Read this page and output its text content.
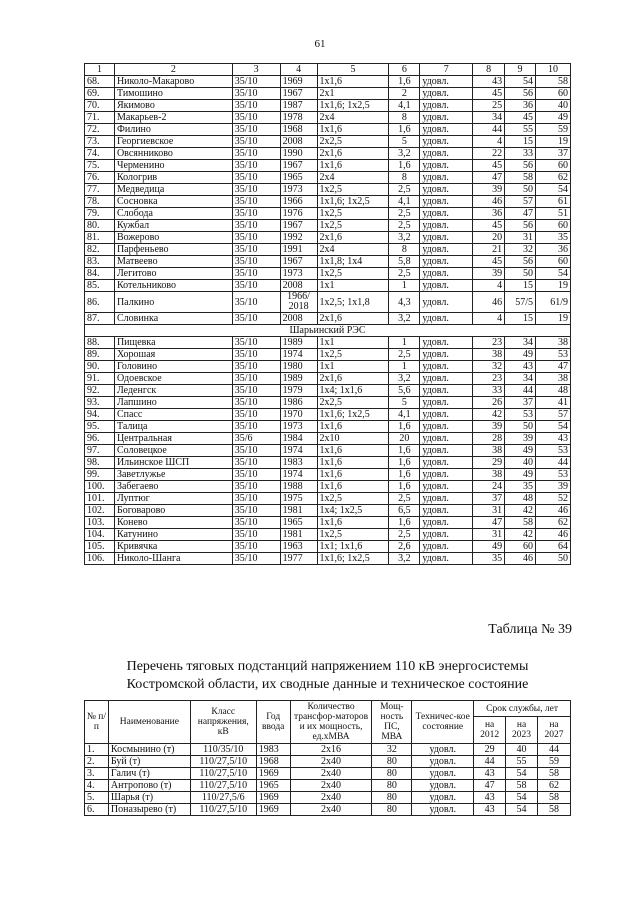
61
1	2	3	4	5	6	7	8	9	10
68.	Николо-Макарово	35/10	1969	1x1,6	1,6	удовл.	43	54	58
69.	Тимошино	35/10	1967	2x1	2	удовл.	45	56	60
70.	Якимово	35/10	1987	1x1,6; 1x2,5	4,1	удовл.	25	36	40
71.	Макарьев-2	35/10	1978	2x4	8	удовл.	34	45	49
72.	Филино	35/10	1968	1x1,6	1,6	удовл.	44	55	59
73.	Георгиевское	35/10	2008	2x2,5	5	удовл.	4	15	19
74.	Овсянниково	35/10	1990	2x1,6	3,2	удовл.	22	33	37
75.	Черменино	35/10	1967	1x1,6	1,6	удовл.	45	56	60
76.	Кологрив	35/10	1965	2x4	8	удовл.	47	58	62
77.	Медведица	35/10	1973	1x2,5	2,5	удовл.	39	50	54
78.	Сосновка	35/10	1966	1x1,6; 1x2,5	4,1	удовл.	46	57	61
79.	Слобода	35/10	1976	1x2,5	2,5	удовл.	36	47	51
80.	Кужбал	35/10	1967	1x2,5	2,5	удовл.	45	56	60
81.	Вожерово	35/10	1992	2x1,6	3,2	удовл.	20	31	35
82.	Парфеньево	35/10	1991	2x4	8	удовл.	21	32	36
83.	Матвеево	35/10	1967	1x1,8; 1x4	5,8	удовл.	45	56	60
84.	Легитово	35/10	1973	1x2,5	2,5	удовл.	39	50	54
85.	Котельниково	35/10	2008	1x1	1	удовл.	4	15	19
86.	Палкино	35/10	1966/
2018	1x2,5; 1x1,8	4,3	удовл.	46	57/5	61/9
87.	Словинка	35/10	2008	2x1,6	3,2	удовл.	4	15	19
Шарьинский РЭС									
88.	Пищевка	35/10	1989	1x1	1	удовл.	23	34	38
89.	Хорошая	35/10	1974	1x2,5	2,5	удовл.	38	49	53
90.	Головино	35/10	1980	1x1	1	удовл.	32	43	47
91.	Одоевское	35/10	1989	2x1,6	3,2	удовл.	23	34	38
92.	Леденгск	35/10	1979	1x4; 1x1,6	5,6	удовл.	33	44	48
93.	Лапшино	35/10	1986	2x2,5	5	удовл.	26	37	41
94.	Спасс	35/10	1970	1x1,6; 1x2,5	4,1	удовл.	42	53	57
95.	Талица	35/10	1973	1x1,6	1,6	удовл.	39	50	54
96.	Центральная	35/6	1984	2x10	20	удовл.	28	39	43
97.	Соловецкое	35/10	1974	1x1,6	1,6	удовл.	38	49	53
98.	Ильинское ШСП	35/10	1983	1x1,6	1,6	удовл.	29	40	44
99.	Заветлужье	35/10	1974	1x1,6	1,6	удовл.	38	49	53
100.	Забегаево	35/10	1988	1x1,6	1,6	удовл.	24	35	39
101.	Луптюг	35/10	1975	1x2,5	2,5	удовл.	37	48	52
102.	Боговарово	35/10	1981	1x4; 1x2,5	6,5	удовл.	31	42	46
103.	Конево	35/10	1965	1x1,6	1,6	удовл.	47	58	62
104.	Катунино	35/10	1981	1x2,5	2,5	удовл.	31	42	46
105.	Кривячка	35/10	1963	1x1; 1x1,6	2,6	удовл.	49	60	64
106.	Николо-Шанга	35/10	1977	1x1,6; 1x2,5	3,2	удовл.	35	46	50
Таблица № 39
Перечень тяговых подстанций напряжением 110 кВ энергосистемы
Костромской области, их сводные данные и техническое состояние
№ п/п	Наименование	Класс напряжения, кВ	Год ввода	Количество трансфор-маторов и их мощность, ед.хМВА	Мощ-ность ПС, МВА	Техничес-кое состояние	Срок службы, лет		
							на 2012	на 2023	на 2027
1.	Космынино (т)	110/35/10	1983	2x16	32	удовл.	29	40	44
2.	Буй (т)	110/27,5/10	1968	2x40	80	удовл.	44	55	59
3.	Галич (т)	110/27,5/10	1969	2x40	80	удовл.	43	54	58
4.	Антропово (т)	110/27,5/10	1965	2x40	80	удовл.	47	58	62
5.	Шарья (т)	110/27,5/6	1969	2x40	80	удовл.	43	54	58
6.	Поназырево (т)	110/27,5/10	1969	2x40	80	удовл.	43	54	58
